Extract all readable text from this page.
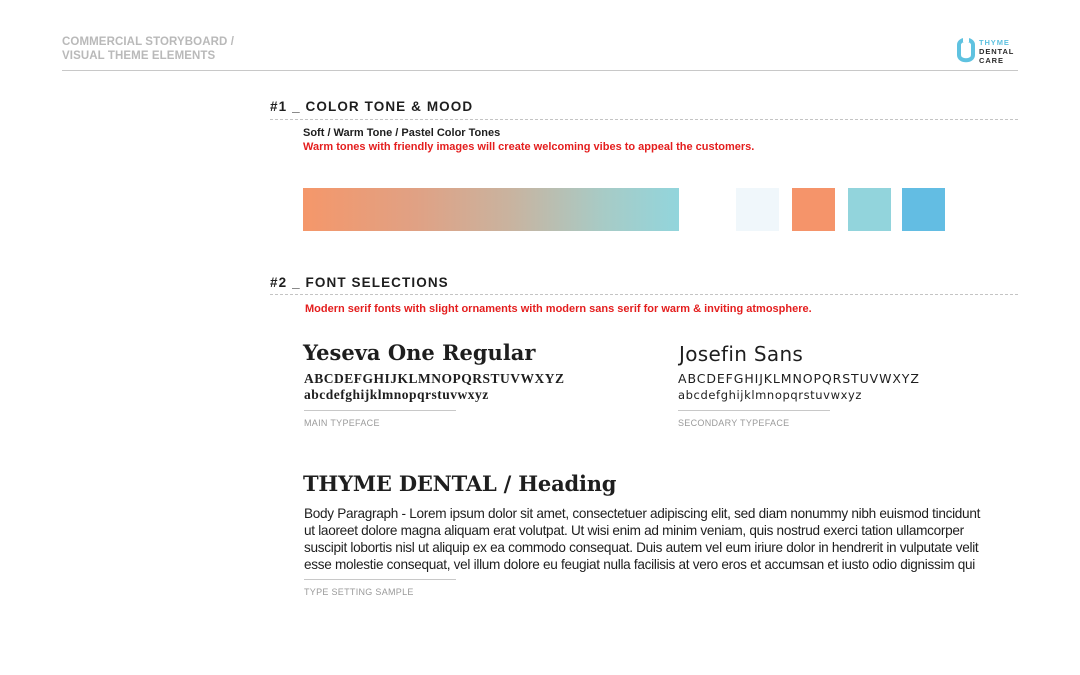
COMMERCIAL STORYBOARD /
VISUAL THEME ELEMENTS
THYME
DENTAL
CARE
#1 _ COLOR TONE & MOOD
Soft / Warm Tone / Pastel Color Tones
Warm tones with friendly images will create welcoming vibes to appeal the customers.
#2 _ FONT SELECTIONS
Modern serif fonts with slight ornaments with modern sans serif for warm & inviting atmosphere.
Yeseva One Regular
ABCDEFGHIJKLMNOPQRSTUVWXYZ
abcdefghijklmnopqrstuvwxyz
MAIN TYPEFACE
Josefin Sans
ABCDEFGHIJKLMNOPQRSTUVWXYZ
abcdefghijklmnopqrstuvwxyz
SECONDARY TYPEFACE
THYME DENTAL / Heading
Body Paragraph - Lorem ipsum dolor sit amet, consectetuer adipiscing elit, sed diam nonummy nibh euismod tincidunt
ut laoreet dolore magna aliquam erat volutpat. Ut wisi enim ad minim veniam, quis nostrud exerci tation ullamcorper
suscipit lobortis nisl ut aliquip ex ea commodo consequat. Duis autem vel eum iriure dolor in hendrerit in vulputate velit
esse molestie consequat, vel illum dolore eu feugiat nulla facilisis at vero eros et accumsan et iusto odio dignissim qui
TYPE SETTING SAMPLE
